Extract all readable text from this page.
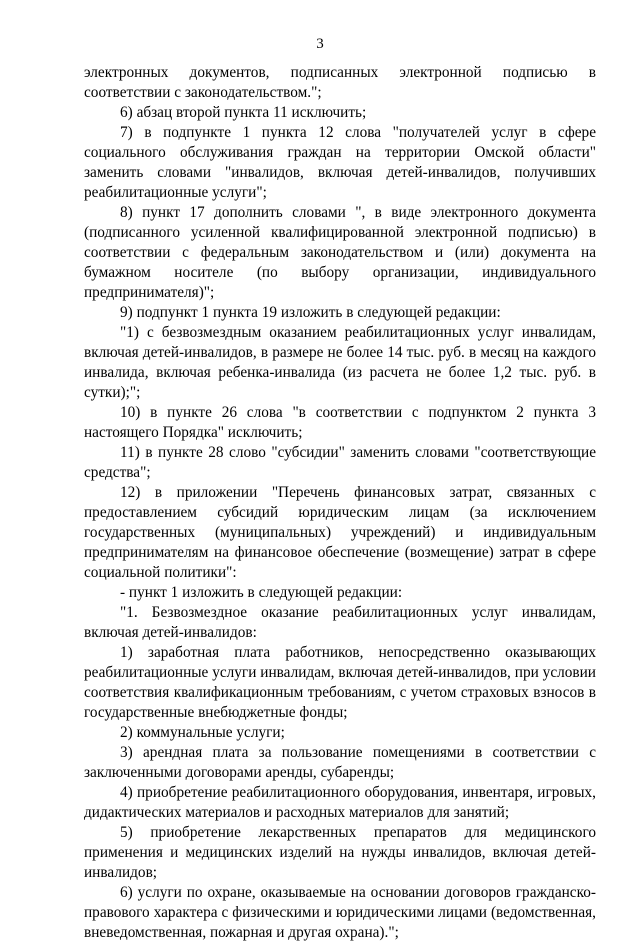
3

электронных документов, подписанных электронной подписью в соответствии с законодательством.";

6) абзац второй пункта 11 исключить;

7) в подпункте 1 пункта 12 слова "получателей услуг в сфере социального обслуживания граждан на территории Омской области" заменить словами "инвалидов, включая детей-инвалидов, получивших реабилитационные услуги";

8) пункт 17 дополнить словами ", в виде электронного документа (подписанного усиленной квалифицированной электронной подписью) в соответствии с федеральным законодательством и (или) документа на бумажном носителе (по выбору организации, индивидуального предпринимателя)";

9) подпункт 1 пункта 19 изложить в следующей редакции:

"1) с безвозмездным оказанием реабилитационных услуг инвалидам, включая детей-инвалидов, в размере не более 14 тыс. руб. в месяц на каждого инвалида, включая ребенка-инвалида (из расчета не более 1,2 тыс. руб. в сутки);";

10) в пункте 26 слова "в соответствии с подпунктом 2 пункта 3 настоящего Порядка" исключить;

11) в пункте 28 слово "субсидии" заменить словами "соответствующие средства";

12) в приложении "Перечень финансовых затрат, связанных с предоставлением субсидий юридическим лицам (за исключением государственных (муниципальных) учреждений) и индивидуальным предпринимателям на финансовое обеспечение (возмещение) затрат в сфере социальной политики":

- пункт 1 изложить в следующей редакции:

"1. Безвозмездное оказание реабилитационных услуг инвалидам, включая детей-инвалидов:

1) заработная плата работников, непосредственно оказывающих реабилитационные услуги инвалидам, включая детей-инвалидов, при условии соответствия квалификационным требованиям, с учетом страховых взносов в государственные внебюджетные фонды;

2) коммунальные услуги;

3) арендная плата за пользование помещениями в соответствии с заключенными договорами аренды, субаренды;

4) приобретение реабилитационного оборудования, инвентаря, игровых, дидактических материалов и расходных материалов для занятий;

5) приобретение лекарственных препаратов для медицинского применения и медицинских изделий на нужды инвалидов, включая детей-инвалидов;

6) услуги по охране, оказываемые на основании договоров гражданско-правового характера с физическими и юридическими лицами (ведомственная, вневедомственная, пожарная и другая охрана).";
